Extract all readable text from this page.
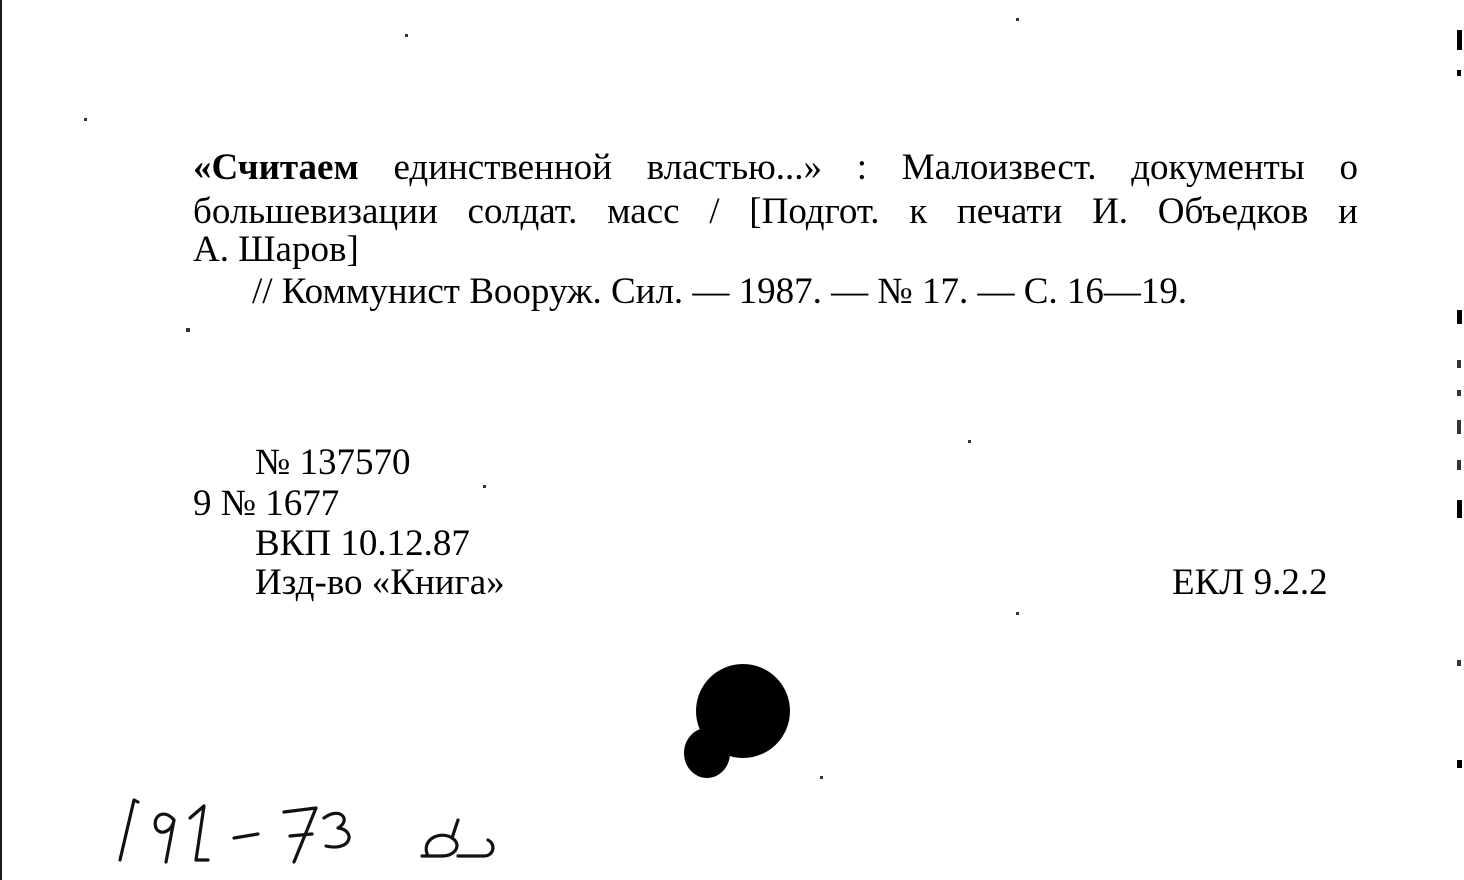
«Считаем единственной властью...» : Малоизвест. документы о
большевизации солдат. масс / [Подгот. к печати И. Объедков и
А. Шаров]
// Коммунист Вооруж. Сил. — 1987. — № 17. — С. 16—19.
№ 137570
9 № 1677
ВКП 10.12.87
Изд-во «Книга»	ЕКЛ 9.2.2
